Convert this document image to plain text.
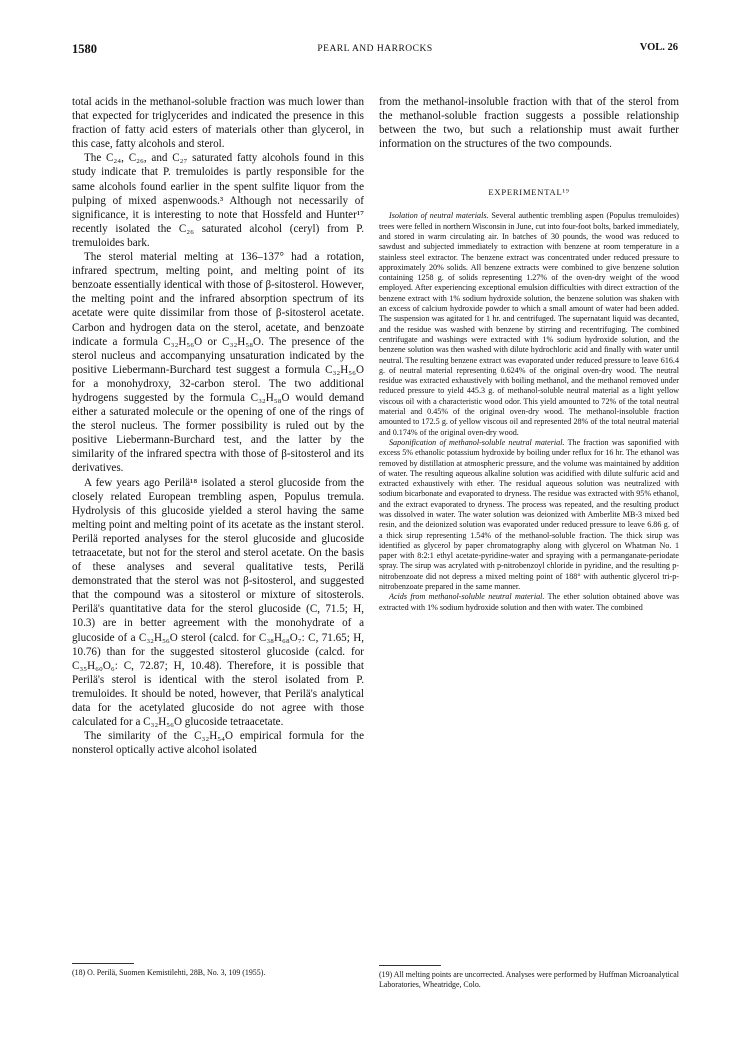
1580	PEARL AND HARROCKS	VOL. 26

total acids in the methanol-soluble fraction was much lower than that expected for triglycerides and indicated the presence in this fraction of fatty acid esters of materials other than glycerol, in this case, fatty alcohols and sterol.

The C₂₄, C₂₆, and C₂₇ saturated fatty alcohols found in this study indicate that P. tremuloides is partly responsible for the same alcohols found earlier in the spent sulfite liquor from the pulping of mixed aspenwoods.³ Although not necessarily of significance, it is interesting to note that Hossfeld and Hunter¹⁷ recently isolated the C₂₆ saturated alcohol (ceryl) from P. tremuloides bark.

The sterol material melting at 136–137° had a rotation, infrared spectrum, melting point, and melting point of its benzoate essentially identical with those of β-sitosterol. However, the melting point and the infrared absorption spectrum of its acetate were quite dissimilar from those of β-sitosterol acetate. Carbon and hydrogen data on the sterol, acetate, and benzoate indicate a formula C₃₂H₅₆O or C₃₂H₅₈O. The presence of the sterol nucleus and accompanying unsaturation indicated by the positive Liebermann-Burchard test suggest a formula C₃₂H₅₆O for a monohydroxy, 32-carbon sterol. The two additional hydrogens suggested by the formula C₃₂H₅₈O would demand either a saturated molecule or the opening of one of the rings of the sterol nucleus. The former possibility is ruled out by the positive Liebermann-Burchard test, and the latter by the similarity of the infrared spectra with those of β-sitosterol and its derivatives.

A few years ago Perilä¹⁸ isolated a sterol glucoside from the closely related European trembling aspen, Populus tremula. Hydrolysis of this glucoside yielded a sterol having the same melting point and melting point of its acetate as the instant sterol. Perilä reported analyses for the sterol glucoside and glucoside tetraacetate, but not for the sterol and sterol acetate. On the basis of these analyses and several qualitative tests, Perilä demonstrated that the sterol was not β-sitosterol, and suggested that the compound was a sitosterol or mixture of sitosterols. Perilä's quantitative data for the sterol glucoside (C, 71.5; H, 10.3) are in better agreement with the monohydrate of a glucoside of a C₃₂H₅₆O sterol (calcd. for C₃₈H₆₈O₇: C, 71.65; H, 10.76) than for the suggested sitosterol glucoside (calcd. for C₃₅H₆₀O₆: C, 72.87; H, 10.48). Therefore, it is possible that Perilä's sterol is identical with the sterol isolated from P. tremuloides. It should be noted, however, that Perilä's analytical data for the acetylated glucoside do not agree with those calculated for a C₃₂H₅₆O glucoside tetraacetate.

The similarity of the C₃₂H₅₄O empirical formula for the nonsterol optically active alcohol isolated

(18) O. Perilä, Suomen Kemistilehti, 28B, No. 3, 109 (1955).

from the methanol-insoluble fraction with that of the sterol from the methanol-soluble fraction suggests a possible relationship between the two, but such a relationship must await further information on the structures of the two compounds.

EXPERIMENTAL¹⁹

Isolation of neutral materials. Several authentic trembling aspen (Populus tremuloides) trees were felled in northern Wisconsin in June, cut into four-foot bolts, barked immediately, and stored in warm circulating air. In batches of 30 pounds, the wood was reduced to sawdust and subjected immediately to extraction with benzene at room temperature in a stainless steel extractor. The benzene extract was concentrated under reduced pressure to approximately 20% solids. All benzene extracts were combined to give benzene solution containing 1258 g. of solids representing 1.27% of the oven-dry weight of the wood employed. After experiencing exceptional emulsion difficulties with direct extraction of the benzene extract with 1% sodium hydroxide solution, the benzene solution was shaken with an excess of calcium hydroxide powder to which a small amount of water had been added. The suspension was agitated for 1 hr. and centrifuged. The supernatant liquid was decanted, and the residue was washed with benzene by stirring and recentrifuging. The combined centrifugate and washings were extracted with 1% sodium hydroxide solution, and the benzene solution was then washed with dilute hydrochloric acid and finally with water until neutral. The resulting benzene extract was evaporated under reduced pressure to leave 616.4 g. of neutral material representing 0.624% of the original oven-dry wood. The neutral residue was extracted exhaustively with boiling methanol, and the methanol removed under reduced pressure to yield 445.3 g. of methanol-soluble neutral material as a light yellow viscous oil with a characteristic wood odor. This yield amounted to 72% of the total neutral material and 0.45% of the original oven-dry wood. The methanol-insoluble fraction amounted to 172.5 g. of yellow viscous oil and represented 28% of the total neutral material and 0.174% of the original oven-dry wood.

Saponification of methanol-soluble neutral material. The fraction was saponified with excess 5% ethanolic potassium hydroxide by boiling under reflux for 16 hr. The ethanol was removed by distillation at atmospheric pressure, and the volume was maintained by addition of water. The resulting aqueous alkaline solution was acidified with dilute sulfuric acid and extracted exhaustively with ether. The residual aqueous solution was neutralized with sodium bicarbonate and evaporated to dryness. The residue was extracted with 95% ethanol, and the extract evaporated to dryness. The process was repeated, and the resulting product was dissolved in water. The water solution was deionized with Amberlite MB-3 mixed bed resin, and the deionized solution was evaporated under reduced pressure to leave 6.86 g. of a thick sirup representing 1.54% of the methanol-soluble fraction. The thick sirup was identified as glycerol by paper chromatography along with glycerol on Whatman No. 1 paper with 8:2:1 ethyl acetate-pyridine-water and spraying with a permanganate-periodate spray. The sirup was acrylated with p-nitrobenzoyl chloride in pyridine, and the resulting p-nitrobenzoate did not depress a mixed melting point of 188° with authentic glycerol tri-p-nitrobenzoate prepared in the same manner.

Acids from methanol-soluble neutral material. The ether solution obtained above was extracted with 1% sodium hydroxide solution and then with water. The combined

(19) All melting points are uncorrected. Analyses were performed by Huffman Microanalytical Laboratories, Wheatridge, Colo.
